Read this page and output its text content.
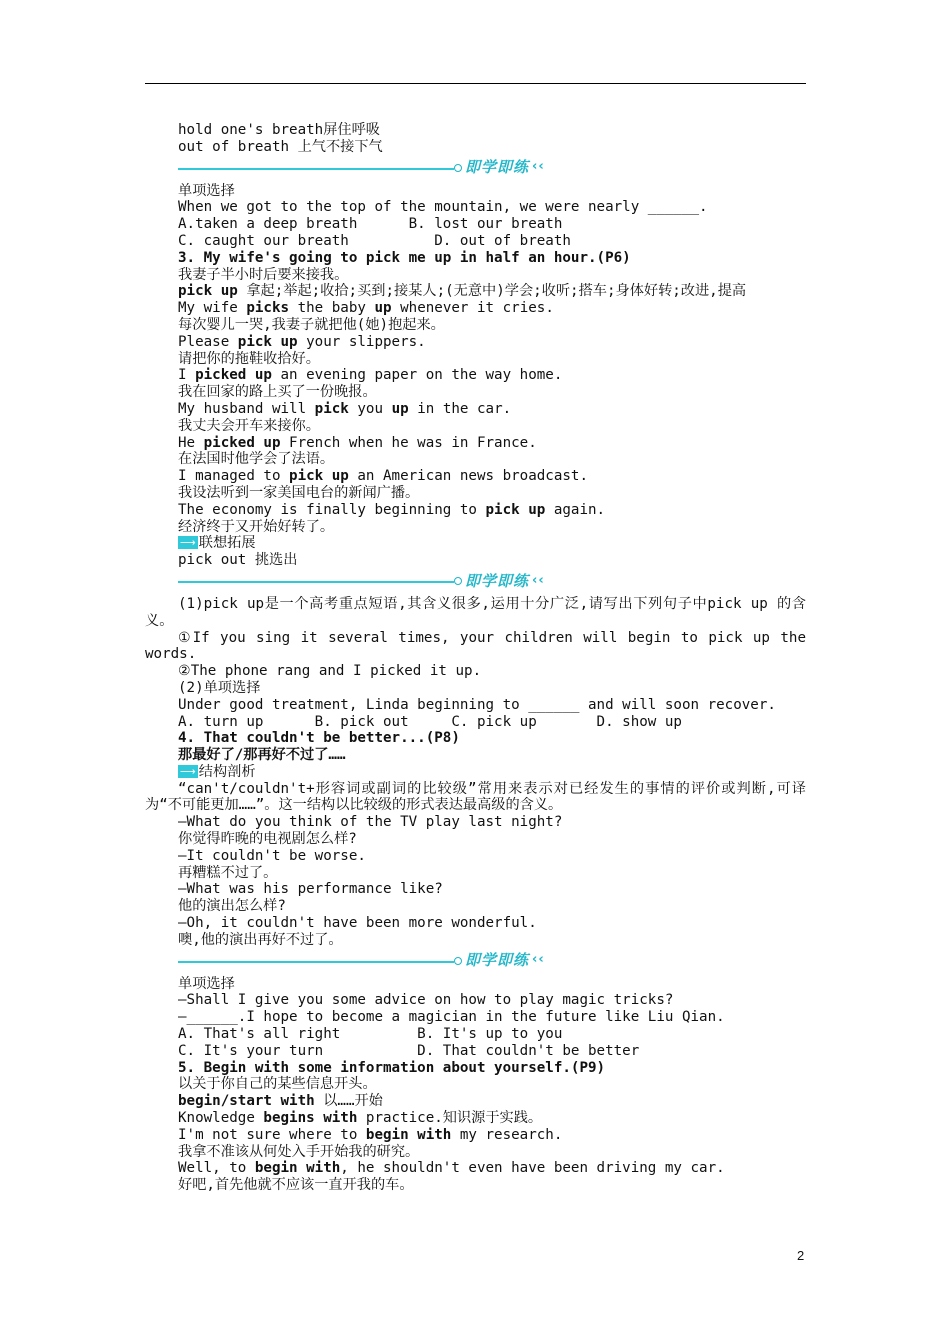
hold one's breath屏住呼吸
out of breath 上气不接下气
即学即练 ‹‹
单项选择
When we got to the top of the mountain, we were nearly ______.
A.taken a deep breath      B. lost our breath
C. caught our breath          D. out of breath
3. My wife's going to pick me up in half an hour.(P6)
我妻子半小时后要来接我。
pick up 拿起;举起;收拾;买到;接某人;(无意中)学会;收听;搭车;身体好转;改进,提高
My wife picks the baby up whenever it cries.
每次婴儿一哭,我妻子就把他(她)抱起来。
Please pick up your slippers.
请把你的拖鞋收拾好。
I picked up an evening paper on the way home.
我在回家的路上买了一份晚报。
My husband will pick you up in the car.
我丈夫会开车来接你。
He picked up French when he was in France.
在法国时他学会了法语。
I managed to pick up an American news broadcast.
我设法听到一家美国电台的新闻广播。
The economy is finally beginning to pick up again.
经济终于又开始好转了。
⟶ 联想拓展
pick out 挑选出
即学即练 ‹‹
(1)pick up是一个高考重点短语,其含义很多,运用十分广泛,请写出下列句子中pick up 的含义。
①If you sing it several times, your children will begin to pick up the words.
②The phone rang and I picked it up.
(2)单项选择
Under good treatment, Linda beginning to ______ and will soon recover.
A. turn up      B. pick out     C. pick up       D. show up
4. That couldn't be better...(P8)
那最好了/那再好不过了……
⟶ 结构剖析
“can't/couldn't+形容词或副词的比较级”常用来表示对已经发生的事情的评价或判断,可译为“不可能更加……”。这一结构以比较级的形式表达最高级的含义。
—What do you think of the TV play last night?
你觉得昨晚的电视剧怎么样?
—It couldn't be worse.
再糟糕不过了。
—What was his performance like?
他的演出怎么样?
—Oh, it couldn't have been more wonderful.
噢,他的演出再好不过了。
即学即练 ‹‹
单项选择
—Shall I give you some advice on how to play magic tricks?
—______.I hope to become a magician in the future like Liu Qian.
A. That's all right         B. It's up to you
C. It's your turn           D. That couldn't be better
5. Begin with some information about yourself.(P9)
以关于你自己的某些信息开头。
begin/start with 以……开始
Knowledge begins with practice.知识源于实践。
I'm not sure where to begin with my research.
我拿不准该从何处入手开始我的研究。
Well, to begin with, he shouldn't even have been driving my car.
好吧,首先他就不应该一直开我的车。
2
